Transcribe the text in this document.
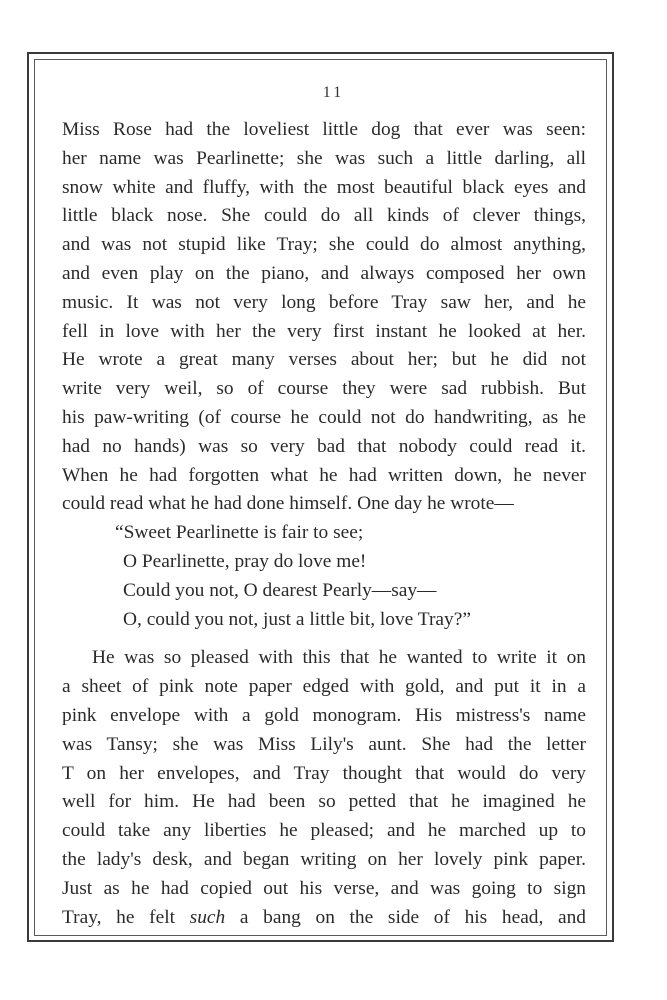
11
Miss Rose had the loveliest little dog that ever was seen:
her name was Pearlinette; she was such a little darling, all
snow white and fluffy, with the most beautiful black eyes and
little black nose. She could do all kinds of clever things,
and was not stupid like Tray; she could do almost anything,
and even play on the piano, and always composed her own
music. It was not very long before Tray saw her, and he
fell in love with her the very first instant he looked at her.
He wrote a great many verses about her; but he did not
write very weil, so of course they were sad rubbish. But
his paw-writing (of course he could not do handwriting, as he
had no hands) was so very bad that nobody could read it.
When he had forgotten what he had written down, he never
could read what he had done himself. One day he wrote—
“Sweet Pearlinette is fair to see;
O Pearlinette, pray do love me!
Could you not, O dearest Pearly—say—
O, could you not, just a little bit, love Tray?”
He was so pleased with this that he wanted to write it on
a sheet of pink note paper edged with gold, and put it in a
pink envelope with a gold monogram. His mistress's name
was Tansy; she was Miss Lily's aunt. She had the letter
T on her envelopes, and Tray thought that would do very
well for him. He had been so petted that he imagined he
could take any liberties he pleased; and he marched up to
the lady's desk, and began writing on her lovely pink paper.
Just as he had copied out his verse, and was going to sign
Tray, he felt such a bang on the side of his head, and
